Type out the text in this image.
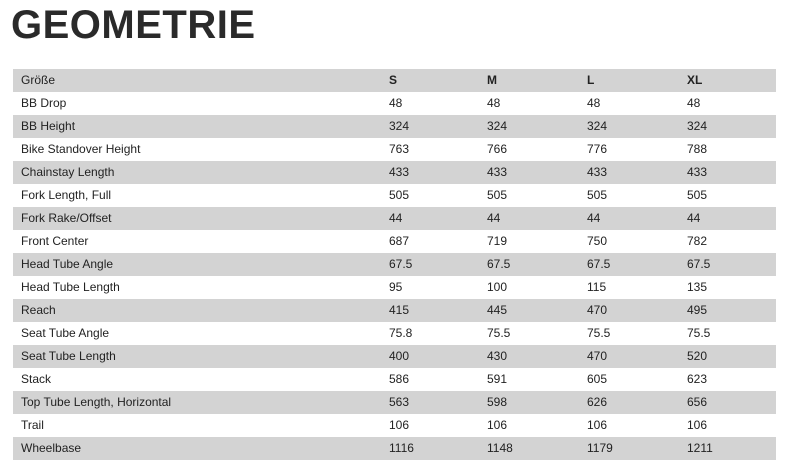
GEOMETRIE
Größe	S	M	L	XL
BB Drop	48	48	48	48
BB Height	324	324	324	324
Bike Standover Height	763	766	776	788
Chainstay Length	433	433	433	433
Fork Length, Full	505	505	505	505
Fork Rake/Offset	44	44	44	44
Front Center	687	719	750	782
Head Tube Angle	67.5	67.5	67.5	67.5
Head Tube Length	95	100	115	135
Reach	415	445	470	495
Seat Tube Angle	75.8	75.5	75.5	75.5
Seat Tube Length	400	430	470	520
Stack	586	591	605	623
Top Tube Length, Horizontal	563	598	626	656
Trail	106	106	106	106
Wheelbase	1116	1148	1179	1211
